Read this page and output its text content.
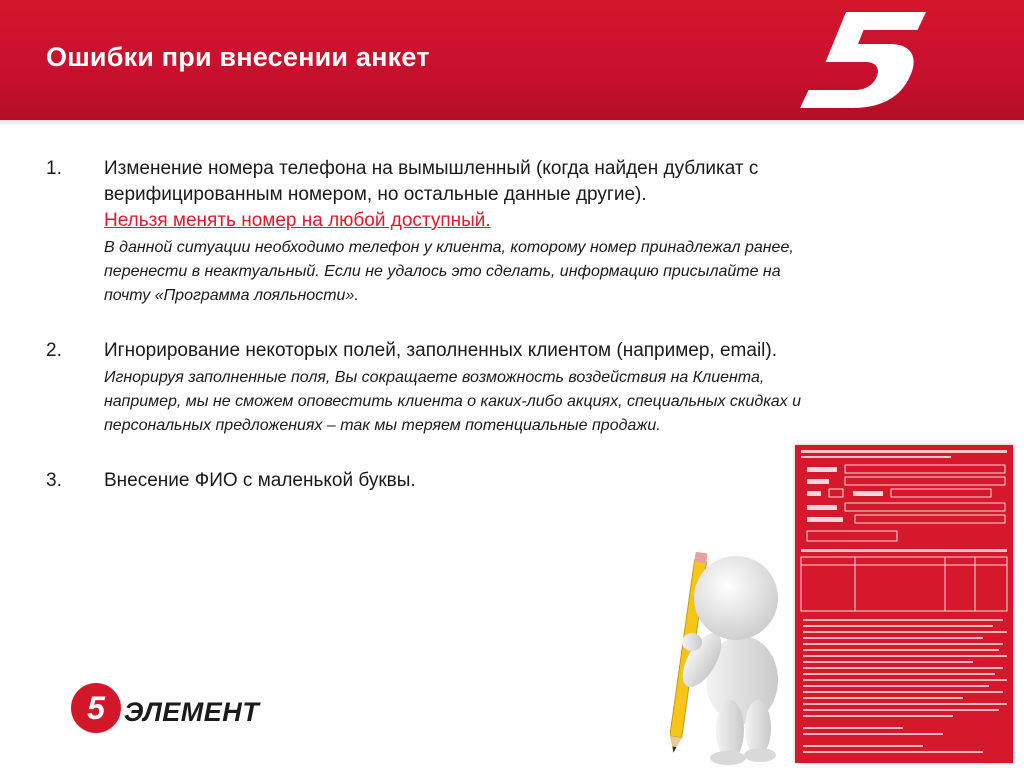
Ошибки при внесении анкет
1. Изменение номера телефона на вымышленный (когда найден дубликат с верифицированным номером, но остальные данные другие).
Нельзя менять номер на любой доступный.
В данной ситуации необходимо телефон у клиента, которому номер принадлежал ранее, перенести в неактуальный. Если не удалось это сделать, информацию присылайте на почту «Программа лояльности».
2. Игнорирование некоторых полей, заполненных клиентом (например, email).
Игнорируя заполненные поля, Вы сокращаете возможность воздействия на Клиента, например, мы не сможем оповестить клиента о каких-либо акциях, специальных скидках и персональных предложениях – так мы теряем потенциальные продажи.
3. Внесение ФИО с маленькой буквы.
5 ЭЛЕМЕНТ
